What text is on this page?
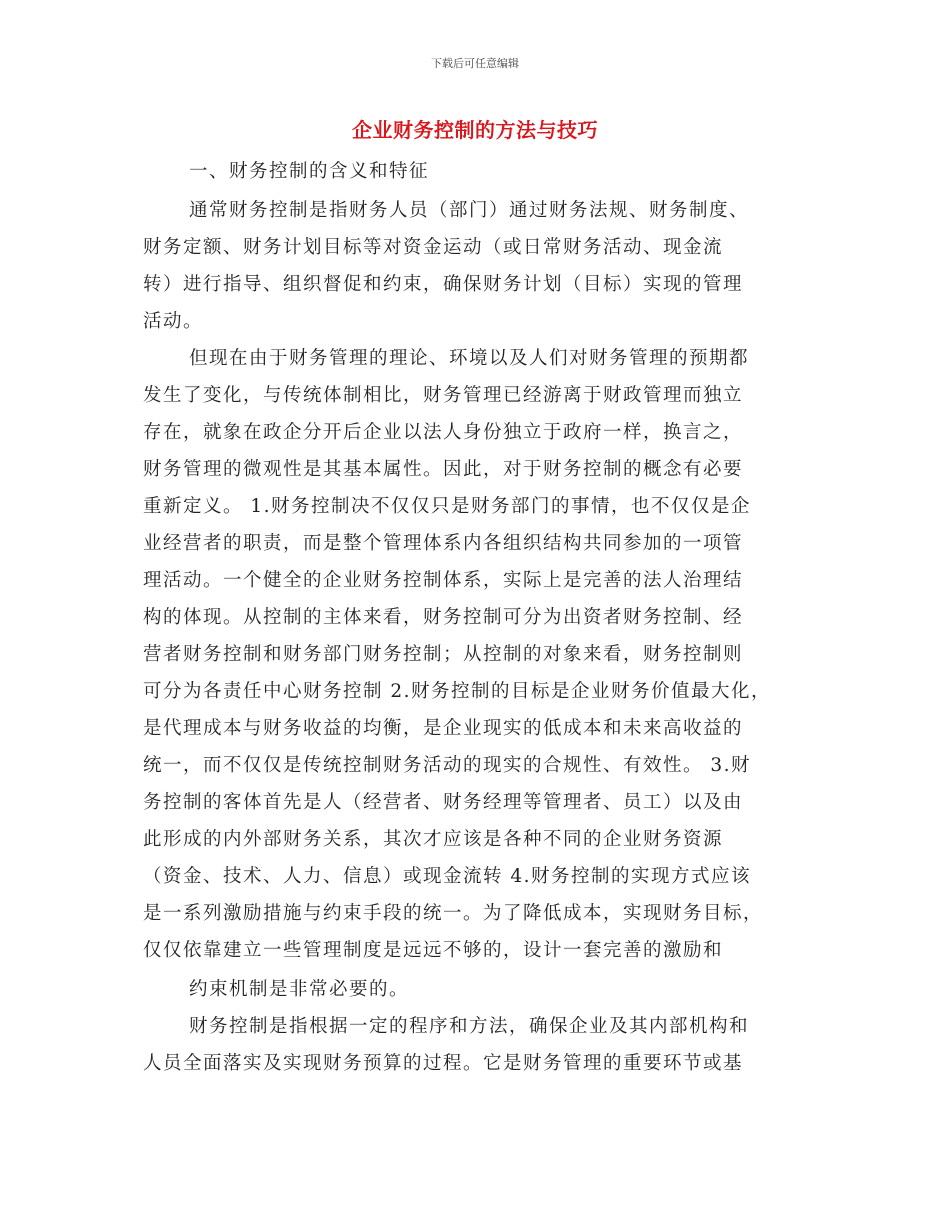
下载后可任意编辑
企业财务控制的方法与技巧
一、财务控制的含义和特征
通常财务控制是指财务人员（部门）通过财务法规、财务制度、
财务定额、财务计划目标等对资金运动（或日常财务活动、现金流
转）进行指导、组织督促和约束，确保财务计划（目标）实现的管理
活动。
但现在由于财务管理的理论、环境以及人们对财务管理的预期都
发生了变化，与传统体制相比，财务管理已经游离于财政管理而独立
存在，就象在政企分开后企业以法人身份独立于政府一样，换言之，
财务管理的微观性是其基本属性。因此，对于财务控制的概念有必要
重新定义。 1.财务控制决不仅仅只是财务部门的事情，也不仅仅是企
业经营者的职责，而是整个管理体系内各组织结构共同参加的一项管
理活动。一个健全的企业财务控制体系，实际上是完善的法人治理结
构的体现。从控制的主体来看，财务控制可分为出资者财务控制、经
营者财务控制和财务部门财务控制；从控制的对象来看，财务控制则
可分为各责任中心财务控制 2.财务控制的目标是企业财务价值最大化，
是代理成本与财务收益的均衡，是企业现实的低成本和未来高收益的
统一，而不仅仅是传统控制财务活动的现实的合规性、有效性。 3.财
务控制的客体首先是人（经营者、财务经理等管理者、员工）以及由
此形成的内外部财务关系，其次才应该是各种不同的企业财务资源
（资金、技术、人力、信息）或现金流转 4.财务控制的实现方式应该
是一系列激励措施与约束手段的统一。为了降低成本，实现财务目标，
仅仅依靠建立一些管理制度是远远不够的，设计一套完善的激励和
约束机制是非常必要的。
财务控制是指根据一定的程序和方法，确保企业及其内部机构和
人员全面落实及实现财务预算的过程。它是财务管理的重要环节或基
